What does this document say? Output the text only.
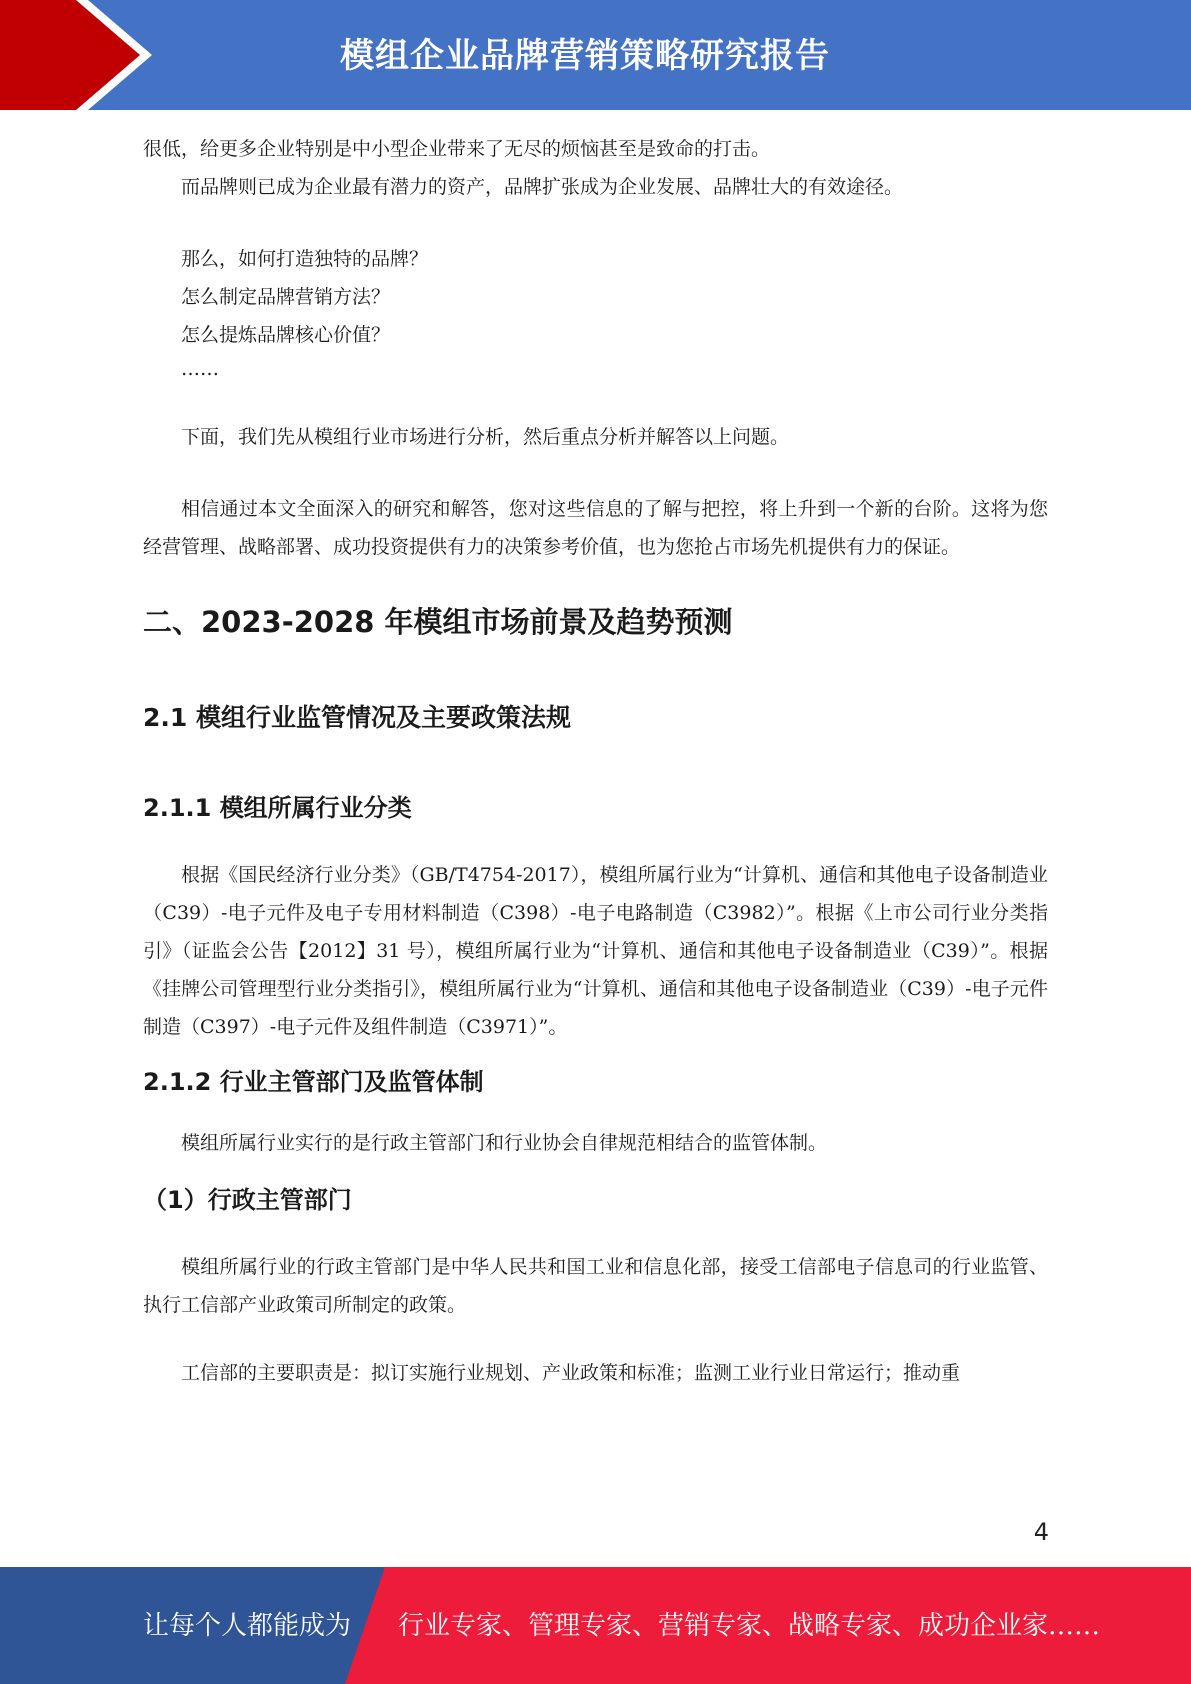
模组企业品牌营销策略研究报告

很低，给更多企业特别是中小型企业带来了无尽的烦恼甚至是致命的打击。

而品牌则已成为企业最有潜力的资产，品牌扩张成为企业发展、品牌壮大的有效途径。

那么，如何打造独特的品牌？

怎么制定品牌营销方法？

怎么提炼品牌核心价值？

……

下面，我们先从模组行业市场进行分析，然后重点分析并解答以上问题。

相信通过本文全面深入的研究和解答，您对这些信息的了解与把控，将上升到一个新的台阶。这将为您经营管理、战略部署、成功投资提供有力的决策参考价值，也为您抢占市场先机提供有力的保证。

二、2023-2028 年模组市场前景及趋势预测
2.1 模组行业监管情况及主要政策法规
2.1.1 模组所属行业分类

根据《国民经济行业分类》（GB/T4754-2017），模组所属行业为“计算机、通信和其他电子设备制造业（C39）-电子元件及电子专用材料制造（C398）-电子电路制造（C3982）”。根据《上市公司行业分类指引》（证监会公告【2012】31 号），模组所属行业为“计算机、通信和其他电子设备制造业（C39）”。根据《挂牌公司管理型行业分类指引》，模组所属行业为“计算机、通信和其他电子设备制造业（C39）-电子元件制造（C397）-电子元件及组件制造（C3971）”。

2.1.2 行业主管部门及监管体制

模组所属行业实行的是行政主管部门和行业协会自律规范相结合的监管体制。

（1）行政主管部门

模组所属行业的行政主管部门是中华人民共和国工业和信息化部，接受工信部电子信息司的行业监管、执行工信部产业政策司所制定的政策。

工信部的主要职责是：拟订实施行业规划、产业政策和标准；监测工业行业日常运行；推动重

4
让每个人都能成为 行业专家、管理专家、营销专家、战略专家、成功企业家……
